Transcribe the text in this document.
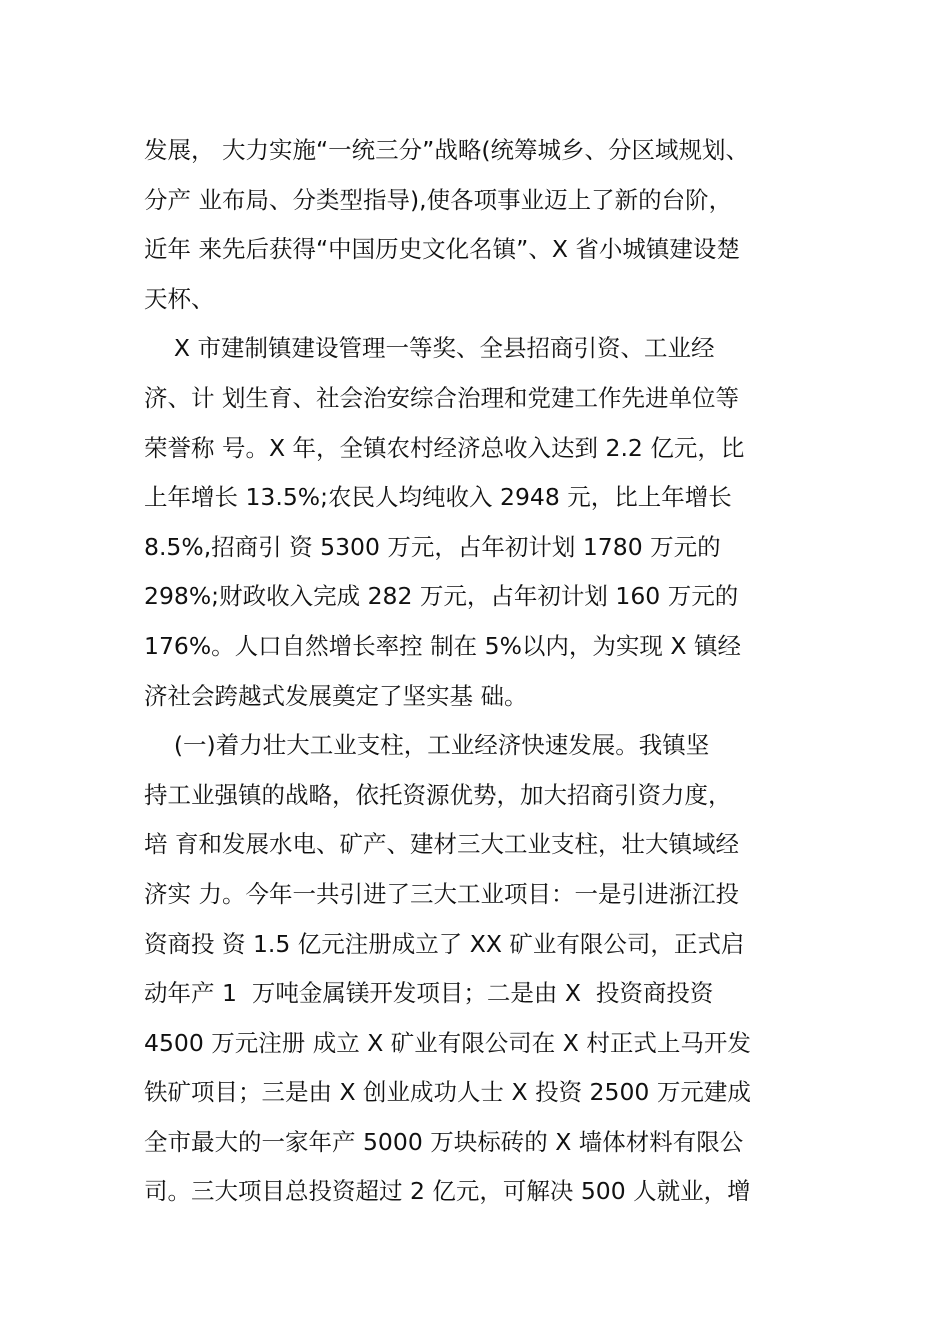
发展， 大力实施“一统三分”战略(统筹城乡、分区域规划、
分产 业布局、分类型指导),使各项事业迈上了新的台阶，
近年 来先后获得“中国历史文化名镇”、X 省小城镇建设楚
天杯、
X 市建制镇建设管理一等奖、全县招商引资、工业经
济、计 划生育、社会治安综合治理和党建工作先进单位等
荣誉称 号。X 年，全镇农村经济总收入达到 2.2 亿元，比
上年增长 13.5%;农民人均纯收入 2948 元，比上年增长
8.5%,招商引 资 5300 万元，占年初计划 1780 万元的
298%;财政收入完成 282 万元，占年初计划 160 万元的
176%。人口自然增长率控 制在 5%以内，为实现 X 镇经
济社会跨越式发展奠定了坚实基 础。
(一)着力壮大工业支柱，工业经济快速发展。我镇坚
持工业强镇的战略，依托资源优势，加大招商引资力度，
培 育和发展水电、矿产、建材三大工业支柱，壮大镇域经
济实 力。今年一共引进了三大工业项目：一是引进浙江投
资商投 资 1.5 亿元注册成立了 XX 矿业有限公司，正式启
动年产 1  万吨金属镁开发项目；二是由 X  投资商投资
4500 万元注册 成立 X 矿业有限公司在 X 村正式上马开发
铁矿项目；三是由 X 创业成功人士 X 投资 2500 万元建成
全市最大的一家年产 5000 万块标砖的 X 墙体材料有限公
司。三大项目总投资超过 2 亿元，可解决 500 人就业，增
